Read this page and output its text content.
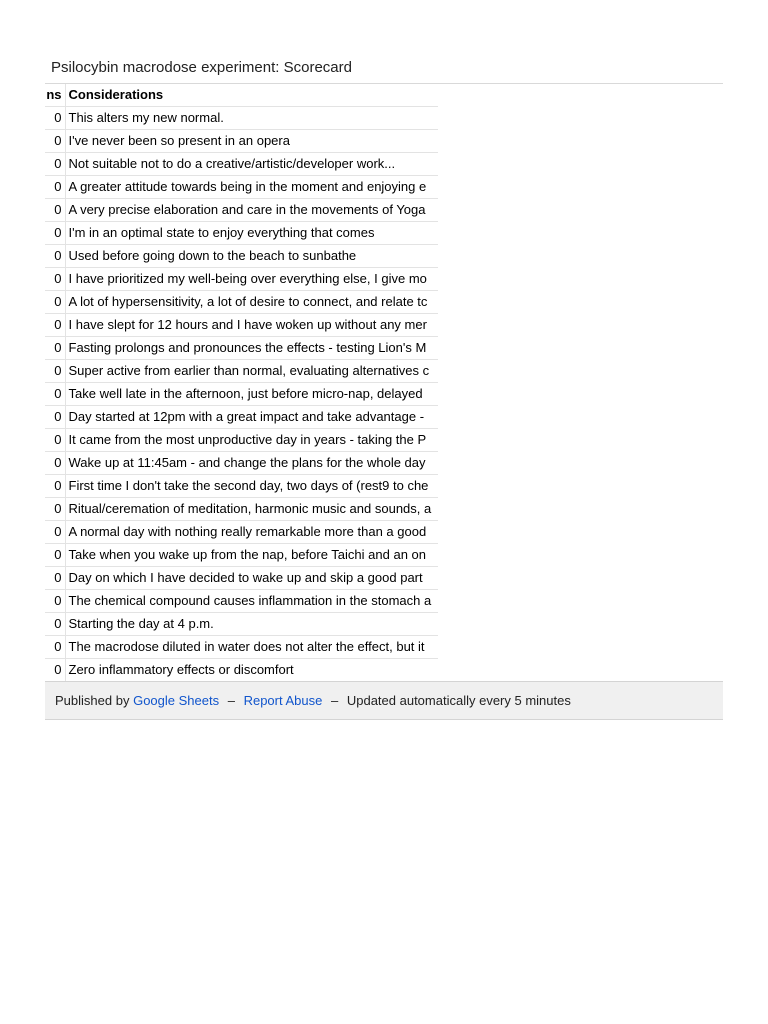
Psilocybin macrodose experiment: Scorecard
ns	Considerations
0	This alters my new normal.
0	I've never been so present in an opera
0	Not suitable not to do a creative/artistic/developer work...
0	A greater attitude towards being in the moment and enjoying e
0	A very precise elaboration and care in the movements of Yoga
0	I'm in an optimal state to enjoy everything that comes
0	Used before going down to the beach to sunbathe
0	I have prioritized my well-being over everything else, I give mo
0	A lot of hypersensitivity, a lot of desire to connect, and relate tc
0	I have slept for 12 hours and I have woken up without any mer
0	Fasting prolongs and pronounces the effects - testing Lion's M
0	Super active from earlier than normal, evaluating alternatives c
0	Take well late in the afternoon, just before micro-nap, delayed
0	Day started at 12pm with a great impact and take advantage -
0	It came from the most unproductive day in years - taking the P
0	Wake up at 11:45am - and change the plans for the whole day
0	First time I don't take the second day, two days of (rest9 to che
0	Ritual/ceremation of meditation, harmonic music and sounds, a
0	A normal day with nothing really remarkable more than a good
0	Take when you wake up from the nap, before Taichi and an on
0	Day on which I have decided to wake up and skip a good part
0	The chemical compound causes inflammation in the stomach a
0	Starting the day at 4 p.m.
0	The macrodose diluted in water does not alter the effect, but it
0	Zero inflammatory effects or discomfort

Published by Google Sheets – Report Abuse – Updated automatically every 5 minutes
